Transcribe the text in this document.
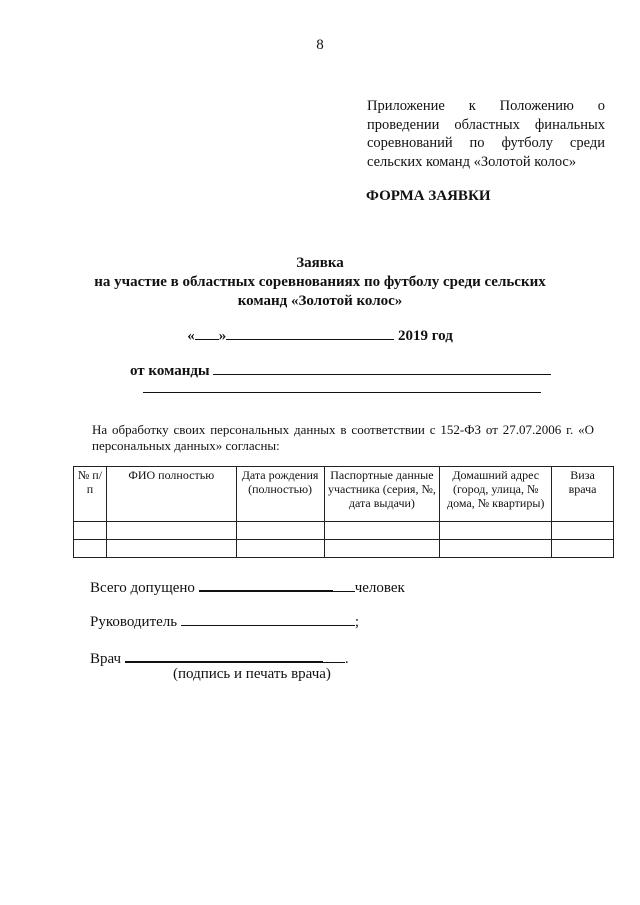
8
Приложение к Положению о проведении областных финальных соревнований по футболу среди сельских команд «Золотой колос»
ФОРМА ЗАЯВКИ
Заявка
на участие в областных соревнованиях по футболу среди сельских команд «Золотой колос»
« »	2019 год
от команды
На обработку своих персональных данных в соответствии с 152-ФЗ от 27.07.2006 г. «О персональных данных» согласны:
№ п/п	ФИО полностью	Дата рождения (полностью)	Паспортные данные участника (серия, №, дата выдачи)	Домашний адрес (город, улица, № дома, № квартиры)	Виза врача

Всего допущено	человек
Руководитель	;
Врач	.
(подпись и печать врача)
